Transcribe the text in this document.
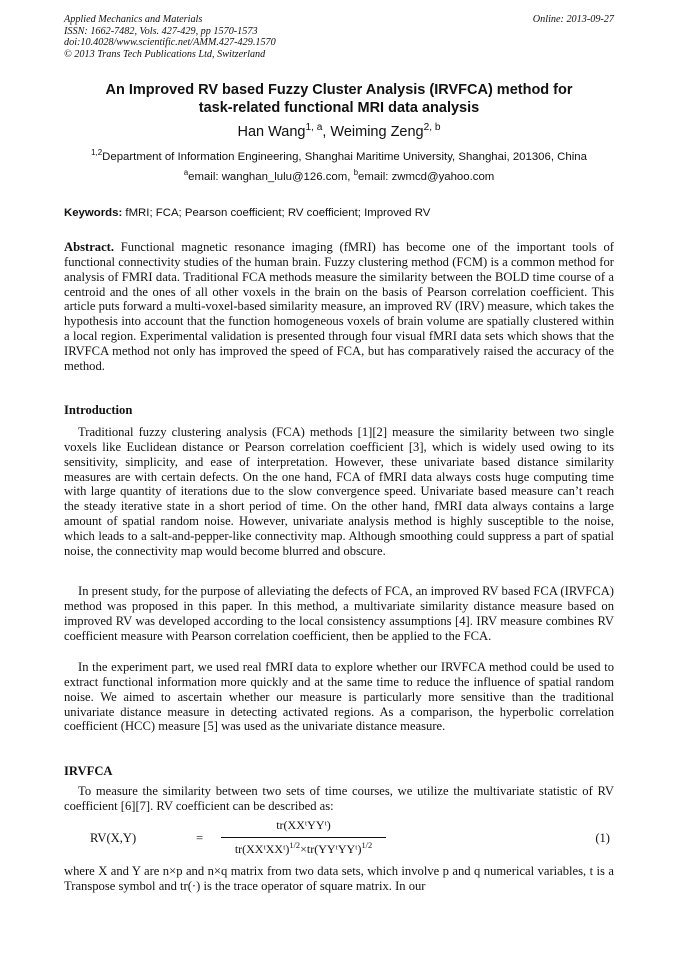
Applied Mechanics and Materials
ISSN: 1662-7482, Vols. 427-429, pp 1570-1573
doi:10.4028/www.scientific.net/AMM.427-429.1570
© 2013 Trans Tech Publications Ltd, Switzerland
Online: 2013-09-27
An Improved RV based Fuzzy Cluster Analysis (IRVFCA) method for
task-related functional MRI data analysis
Han Wang$^{1, a}$, Weiming Zeng$^{2, b}$
$^{1,2}$Department of Information Engineering, Shanghai Maritime University, Shanghai, 201306, China
$^a$email: wanghan_lulu@126.com, $^b$email: zwmcd@yahoo.com
Keywords: fMRI; FCA; Pearson coefficient; RV coefficient; Improved RV

Abstract. Functional magnetic resonance imaging (fMRI) has become one of the important tools of functional connectivity studies of the human brain. Fuzzy clustering method (FCM) is a common method for analysis of FMRI data. Traditional FCA methods measure the similarity between the BOLD time course of a centroid and the ones of all other voxels in the brain on the basis of Pearson correlation coefficient. This article puts forward a multi-voxel-based similarity measure, an improved RV (IRV) measure, which takes the hypothesis into account that the function homogeneous voxels of brain volume are spatially clustered within a local region. Experimental validation is presented through four visual fMRI data sets which shows that the IRVFCA method not only has improved the speed of FCA, but has comparatively raised the accuracy of the method.

Introduction

Traditional fuzzy clustering analysis (FCA) methods [1][2] measure the similarity between two single voxels like Euclidean distance or Pearson correlation coefficient [3], which is widely used owing to its sensitivity, simplicity, and ease of interpretation. However, these univariate based distance similarity measures are with certain defects. On the one hand, FCA of fMRI data always costs huge computing time with large quantity of iterations due to the slow convergence speed. Univariate based measure can’t reach the steady iterative state in a short period of time. On the other hand, fMRI data always contains a large amount of spatial random noise. However, univariate analysis method is highly susceptible to the noise, which leads to a salt-and-pepper-like connectivity map. Although smoothing could suppress a part of spatial noise, the connectivity map would become blurred and obscure.

In present study, for the purpose of alleviating the defects of FCA, an improved RV based FCA (IRVFCA) method was proposed in this paper. In this method, a multivariate similarity distance measure based on improved RV was developed according to the local consistency assumptions [4]. IRV measure combines RV coefficient measure with Pearson correlation coefficient, then be applied to the FCA.

In the experiment part, we used real fMRI data to explore whether our IRVFCA method could be used to extract functional information more quickly and at the same time to reduce the influence of spatial random noise. We aimed to ascertain whether our measure is particularly more sensitive than the traditional univariate distance measure in detecting activated regions. As a comparison, the hyperbolic correlation coefficient (HCC) measure [5] was used as the univariate distance measure.

IRVFCA

To measure the similarity between two sets of time courses, we utilize the multivariate statistic of RV coefficient [6][7]. RV coefficient can be described as:

RV(X,Y)	=
tr(XXᵗYYᵗ)
tr(XXᵗXXᵗ)$^{1/2}$×tr(YYᵗYYᵗ)$^{1/2}$
(1)

where X and Y are n×p and n×q matrix from two data sets, which involve p and q numerical variables, t is a Transpose symbol and tr(·) is the trace operator of square matrix. In our
